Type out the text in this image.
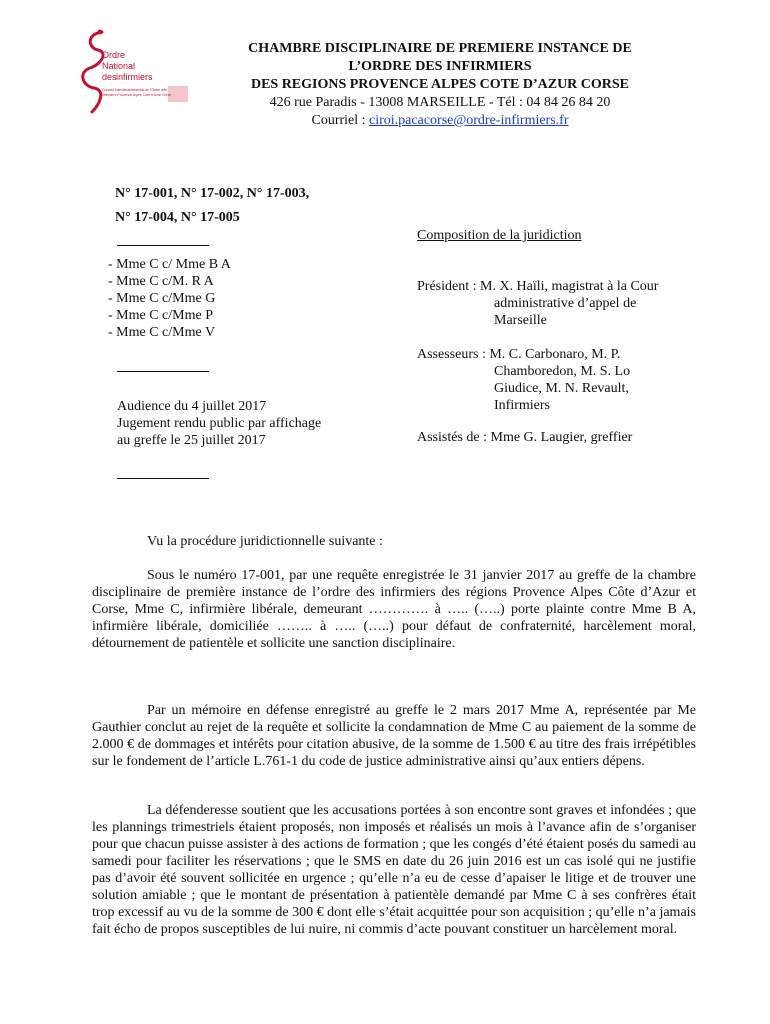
Ordre
National
des infirmiers
Conseil Interdépartemental de l'Ordre des Infirmiers Provence Alpes Côte d'Azur Corse
CHAMBRE DISCIPLINAIRE DE PREMIERE INSTANCE DE
L’ORDRE DES INFIRMIERS
DES REGIONS PROVENCE ALPES COTE D’AZUR CORSE
426 rue Paradis - 13008 MARSEILLE - Tél : 04 84 26 84 20
Courriel : ciroi.pacacorse@ordre-infirmiers.fr
N° 17-001, N° 17-002, N° 17-003,
N° 17-004, N° 17-005
- Mme C c/ Mme B A
- Mme C c/M. R A
- Mme C c/Mme G
- Mme C c/Mme P
- Mme C c/Mme V
Audience du 4 juillet 2017
Jugement rendu public par affichage
au greffe le 25 juillet 2017
Composition de la juridiction
Président : M. X. Haïli, magistrat à la Cour
administrative d’appel de
Marseille
Assesseurs : M. C. Carbonaro, M. P.
Chamboredon, M. S. Lo
Giudice, M. N. Revault,
Infirmiers
Assistés de : Mme G. Laugier, greffier
Vu la procédure juridictionnelle suivante :

Sous le numéro 17-001, par une requête enregistrée le 31 janvier 2017 au greffe de la chambre disciplinaire de première instance de l’ordre des infirmiers des régions Provence Alpes Côte d’Azur et Corse, Mme C, infirmière libérale, demeurant …………. à ….. (…..) porte plainte contre Mme B A, infirmière libérale, domiciliée …….. à ….. (…..) pour défaut de confraternité, harcèlement moral, détournement de patientèle et sollicite une sanction disciplinaire.

Par un mémoire en défense enregistré au greffe le 2 mars 2017 Mme A, représentée par Me Gauthier conclut au rejet de la requête et sollicite la condamnation de Mme C au paiement de la somme de 2.000 € de dommages et intérêts pour citation abusive, de la somme de 1.500 € au titre des frais irrépétibles sur le fondement de l’article L.761-1 du code de justice administrative ainsi qu’aux entiers dépens.

La défenderesse soutient que les accusations portées à son encontre sont graves et infondées ; que les plannings trimestriels étaient proposés, non imposés et réalisés un mois à l’avance afin de s’organiser pour que chacun puisse assister à des actions de formation ; que les congés d’été étaient posés du samedi au samedi pour faciliter les réservations ; que le SMS en date du 26 juin 2016 est un cas isolé qui ne justifie pas d’avoir été souvent sollicitée en urgence ; qu’elle n’a eu de cesse d’apaiser le litige et de trouver une solution amiable ; que le montant de présentation à patientèle demandé par Mme C à ses confrères était trop excessif au vu de la somme de 300 € dont elle s’était acquittée pour son acquisition ; qu’elle n’a jamais fait écho de propos susceptibles de lui nuire, ni commis d’acte pouvant constituer un harcèlement moral.
